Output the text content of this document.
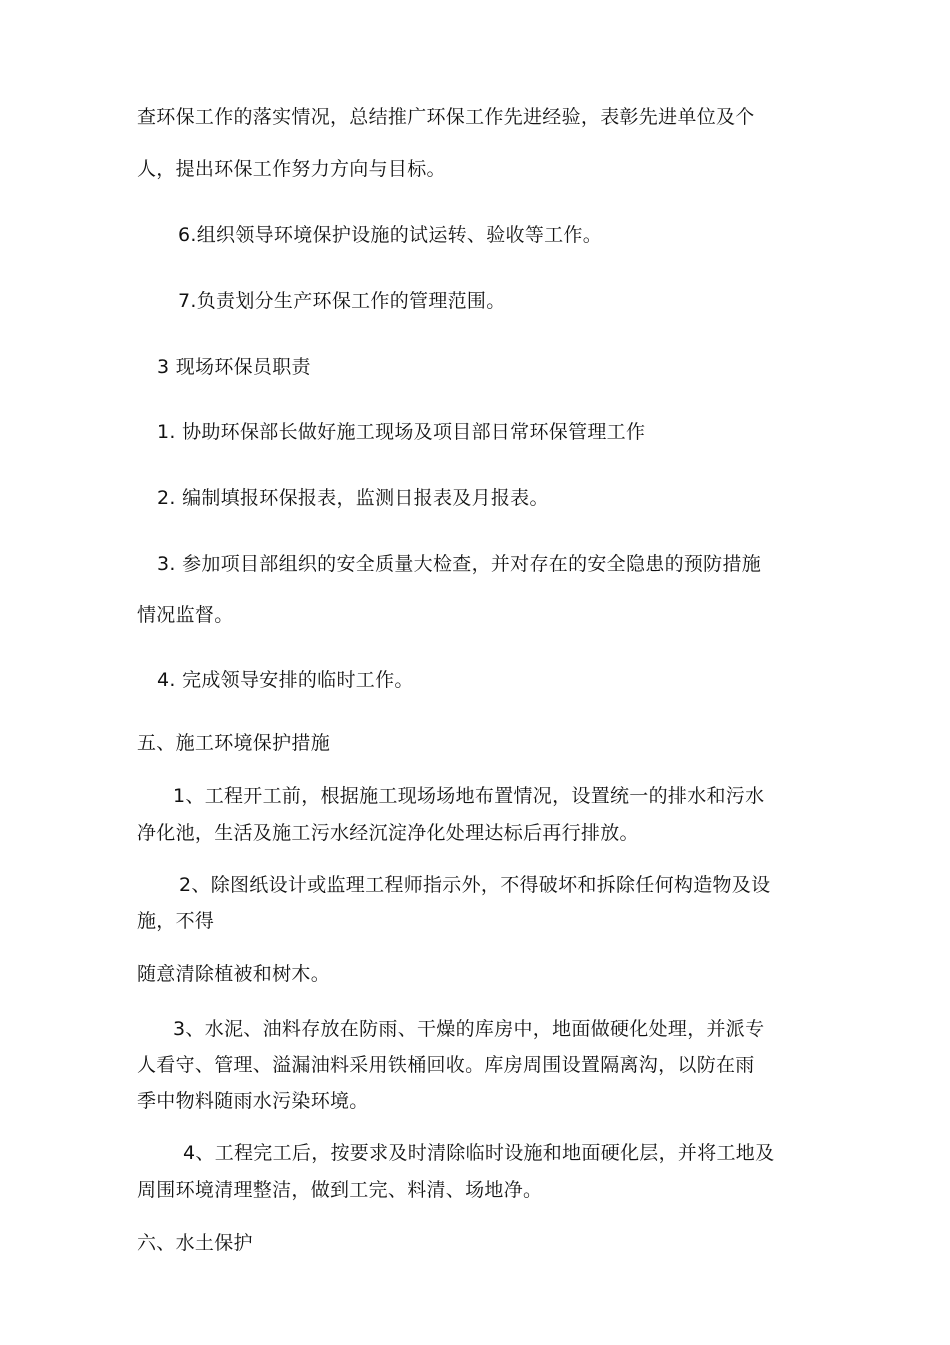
查环保工作的落实情况，总结推广环保工作先进经验，表彰先进单位及个
人，提出环保工作努力方向与目标。
6.组织领导环境保护设施的试运转、验收等工作。
7.负责划分生产环保工作的管理范围。
3 现场环保员职责
1. 协助环保部长做好施工现场及项目部日常环保管理工作
2. 编制填报环保报表，监测日报表及月报表。
3. 参加项目部组织的安全质量大检查，并对存在的安全隐患的预防措施
情况监督。
4. 完成领导安排的临时工作。
五、施工环境保护措施
1、工程开工前，根据施工现场场地布置情况，设置统一的排水和污水
净化池，生活及施工污水经沉淀净化处理达标后再行排放。
2、除图纸设计或监理工程师指示外，不得破坏和拆除任何构造物及设
施，不得
随意清除植被和树木。
3、水泥、油料存放在防雨、干燥的库房中，地面做硬化处理，并派专
人看守、管理、溢漏油料采用铁桶回收。库房周围设置隔离沟，以防在雨
季中物料随雨水污染环境。
4、工程完工后，按要求及时清除临时设施和地面硬化层，并将工地及
周围环境清理整洁，做到工完、料清、场地净。
六、水土保护
